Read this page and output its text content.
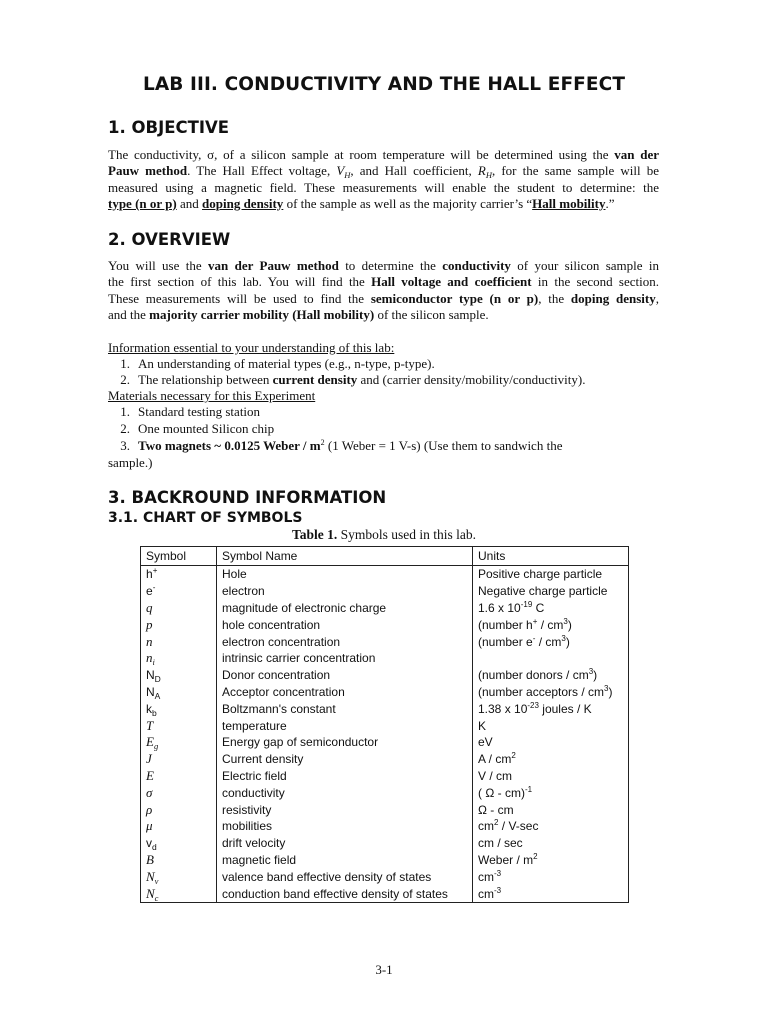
LAB III. CONDUCTIVITY AND THE HALL EFFECT
1. OBJECTIVE
The conductivity, σ, of a silicon sample at room temperature will be determined using the van der
Pauw method. The Hall Effect voltage, $V_H$, and Hall coefficient, $R_H$, for the same sample will be
measured using a magnetic field. These measurements will enable the student to determine: the
type (n or p) and doping density of the sample as well as the majority carrier’s “Hall mobility.”
2. OVERVIEW
You will use the van der Pauw method to determine the conductivity of your silicon sample in
the first section of this lab. You will find the Hall voltage and coefficient in the second section.
These measurements will be used to find the semiconductor type (n or p), the doping density,
and the majority carrier mobility (Hall mobility) of the silicon sample.
Information essential to your understanding of this lab:
1. An understanding of material types (e.g., n-type, p-type).
2. The relationship between current density and (carrier density/mobility/conductivity).
Materials necessary for this Experiment
1. Standard testing station
2. One mounted Silicon chip
3. Two magnets ~ 0.0125 Weber / $m^2$ (1 Weber = 1 V-s) (Use them to sandwich the
sample.)
3. BACKROUND INFORMATION
3.1. CHART OF SYMBOLS
Table 1. Symbols used in this lab.
Symbol	Symbol Name	Units
h+	Hole	Positive charge particle
e-	electron	Negative charge particle
q	magnitude of electronic charge	1.6 x $10^{-19}$ C
p	hole concentration	(number $h^+ / cm^3$)
n	electron concentration	(number $e^- / cm^3$)
$n_i$	intrinsic carrier concentration	
$N_D$	Donor concentration	(number donors / $cm^3$)
$N_A$	Acceptor concentration	(number acceptors / $cm^3$)
$k_b$	Boltzmann's constant	1.38 x $10^{-23}$ joules / K
T	temperature	K
$E_g$	Energy gap of semiconductor	eV
J	Current density	A / $cm^2$
E	Electric field	V / cm
σ	conductivity	( Ω - cm)$^{-1}$
ρ	resistivity	Ω - cm
μ	mobilities	$cm^2 / V-\sec$
$v_d$	drift velocity	cm / sec
B	magnetic field	Weber / $m^2$
$N_v$	valence band effective density of states	$cm^{-3}$
$N_c$	conduction band effective density of states	$cm^{-3}$
3-1
